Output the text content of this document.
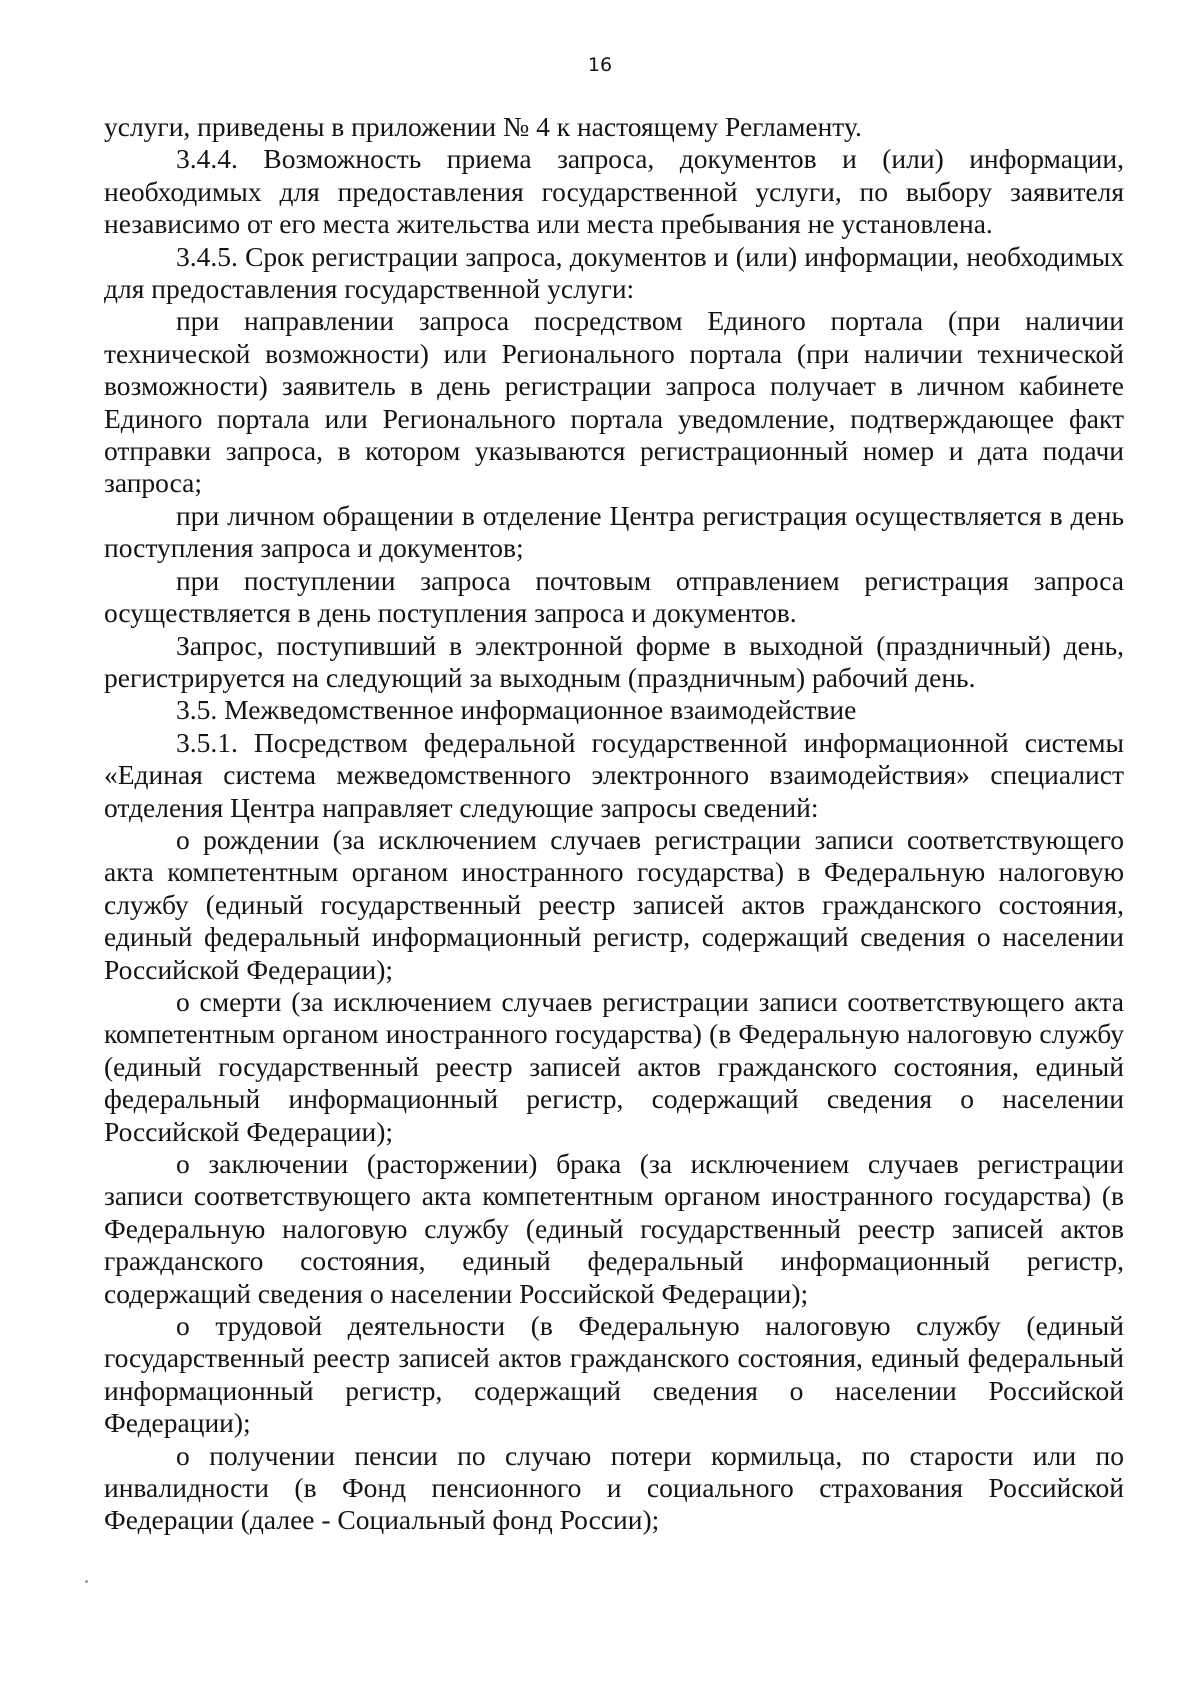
16

услуги, приведены в приложении № 4 к настоящему Регламенту.

3.4.4. Возможность приема запроса, документов и (или) информации, необходимых для предоставления государственной услуги, по выбору заявителя независимо от его места жительства или места пребывания не установлена.

3.4.5. Срок регистрации запроса, документов и (или) информации, необходимых для предоставления государственной услуги:

при направлении запроса посредством Единого портала (при наличии технической возможности) или Регионального портала (при наличии технической возможности) заявитель в день регистрации запроса получает в личном кабинете Единого портала или Регионального портала уведомление, подтверждающее факт отправки запроса, в котором указываются регистрационный номер и дата подачи запроса;

при личном обращении в отделение Центра регистрация осуществляется в день поступления запроса и документов;

при поступлении запроса почтовым отправлением регистрация запроса осуществляется в день поступления запроса и документов.

Запрос, поступивший в электронной форме в выходной (праздничный) день, регистрируется на следующий за выходным (праздничным) рабочий день.

3.5. Межведомственное информационное взаимодействие

3.5.1. Посредством федеральной государственной информационной системы «Единая система межведомственного электронного взаимодействия» специалист отделения Центра направляет следующие запросы сведений:

о рождении (за исключением случаев регистрации записи соответствующего акта компетентным органом иностранного государства) в Федеральную налоговую службу (единый государственный реестр записей актов гражданского состояния, единый федеральный информационный регистр, содержащий сведения о населении Российской Федерации);

о смерти (за исключением случаев регистрации записи соответствующего акта компетентным органом иностранного государства) (в Федеральную налоговую службу (единый государственный реестр записей актов гражданского состояния, единый федеральный информационный регистр, содержащий сведения о населении Российской Федерации);

о заключении (расторжении) брака (за исключением случаев регистрации записи соответствующего акта компетентным органом иностранного государства) (в Федеральную налоговую службу (единый государственный реестр записей актов гражданского состояния, единый федеральный информационный регистр, содержащий сведения о населении Российской Федерации);

о трудовой деятельности (в Федеральную налоговую службу (единый государственный реестр записей актов гражданского состояния, единый федеральный информационный регистр, содержащий сведения о населении Российской Федерации);

о получении пенсии по случаю потери кормильца, по старости или по инвалидности (в Фонд пенсионного и социального страхования Российской Федерации (далее - Социальный фонд России);
